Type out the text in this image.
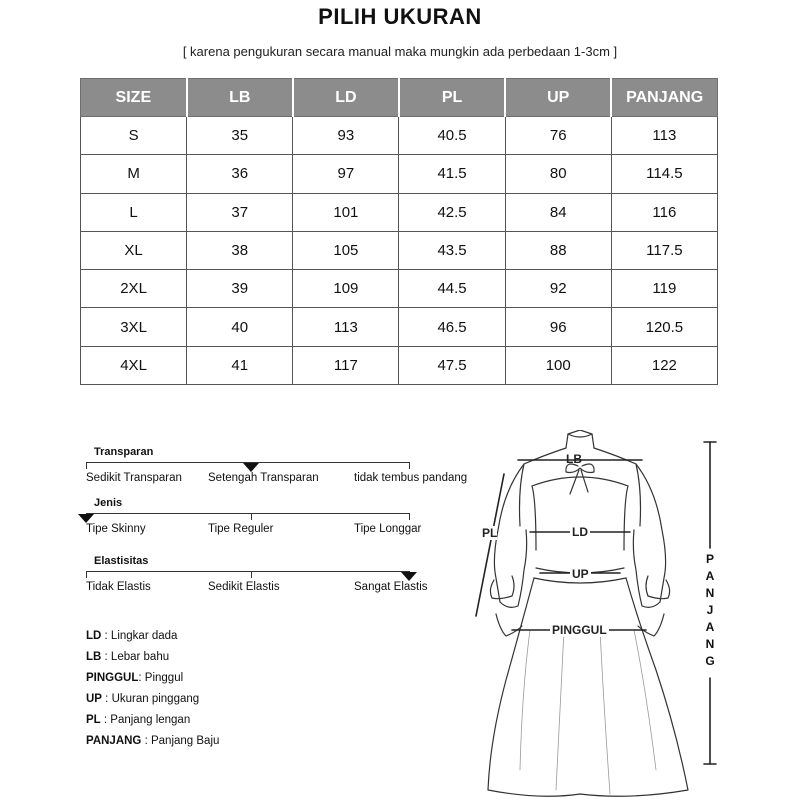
PILIH UKURAN
[ karena pengukuran secara manual maka mungkin ada perbedaan 1-3cm ]
SIZE	LB	LD	PL	UP	PANJANG
S	35	93	40.5	76	113
M	36	97	41.5	80	114.5
L	37	101	42.5	84	116
XL	38	105	43.5	88	117.5
2XL	39	109	44.5	92	119
3XL	40	113	46.5	96	120.5
4XL	41	117	47.5	100	122
Transparan
Sedikit Transparan Setengah Transparan	tidak tembus pandang
Jenis
Tipe Skinny	Tipe Reguler	Tipe Longgar
Elastisitas
Tidak Elastis	Sedikit Elastis	Sangat Elastis
LD : Lingkar dada
LB : Lebar bahu
PINGGUL: Pinggul
UP : Ukuran pinggang
PL : Panjang lengan
PANJANG : Panjang Baju
LB
LD
PL
UP
PINGGUL
P
A
N
J
A
N
G
